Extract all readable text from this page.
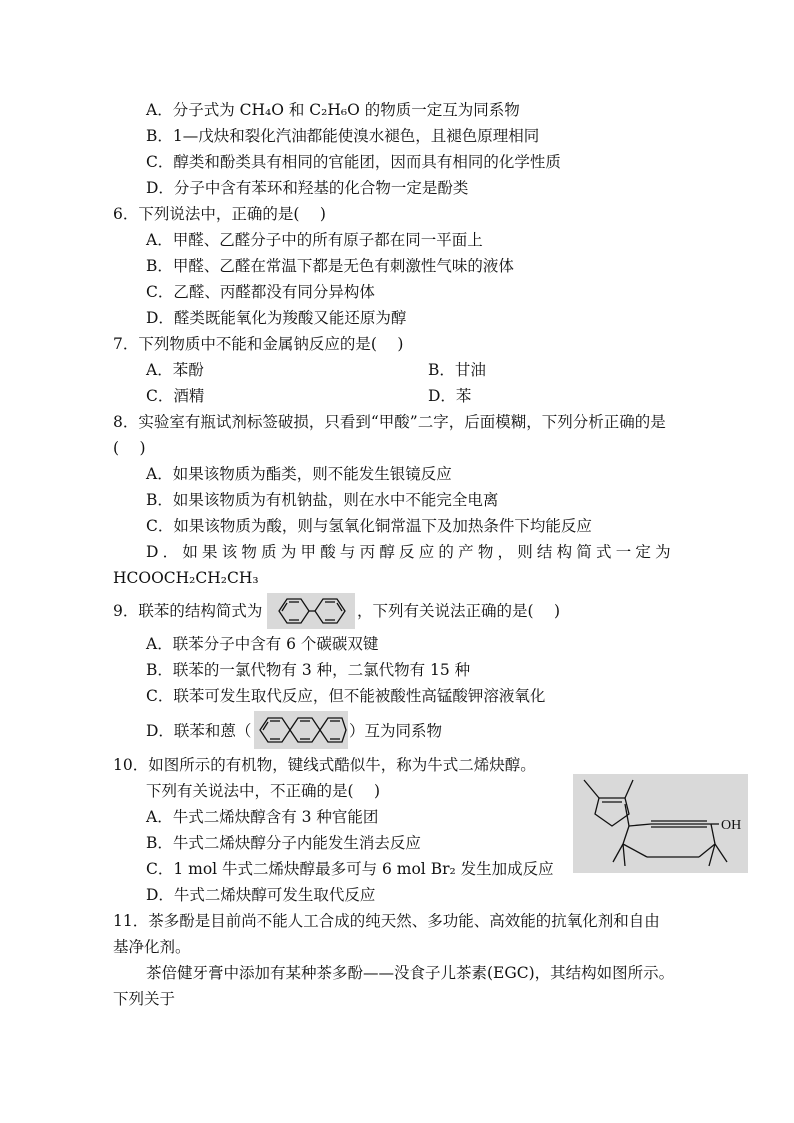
A．分子式为 CH₄O 和 C₂H₆O 的物质一定互为同系物
B．1—戊炔和裂化汽油都能使溴水褪色，且褪色原理相同
C．醇类和酚类具有相同的官能团，因而具有相同的化学性质
D．分子中含有苯环和羟基的化合物一定是酚类
6．下列说法中，正确的是(　 )
A．甲醛、乙醛分子中的所有原子都在同一平面上
B．甲醛、乙醛在常温下都是无色有刺激性气味的液体
C．乙醛、丙醛都没有同分异构体
D．醛类既能氧化为羧酸又能还原为醇
7．下列物质中不能和金属钠反应的是(　 )
A．苯酚	B．甘油
C．酒精	D．苯
8．实验室有瓶试剂标签破损，只看到“甲酸”二字，后面模糊，下列分析正确的是
(　 )
A．如果该物质为酯类，则不能发生银镜反应
B．如果该物质为有机钠盐，则在水中不能完全电离
C．如果该物质为酸，则与氢氧化铜常温下及加热条件下均能反应
D．如果该物质为甲酸与丙醇反应的产物，则结构简式一定为
HCOOCH₂CH₂CH₃
9．联苯的结构简式为	，下列有关说法正确的是(　 )
A．联苯分子中含有 6 个碳碳双键
B．联苯的一氯代物有 3 种，二氯代物有 15 种
C．联苯可发生取代反应，但不能被酸性高锰酸钾溶液氧化
D．联苯和蒽（	）互为同系物
10．如图所示的有机物，键线式酷似牛，称为牛式二烯炔醇。
下列有关说法中，不正确的是(　 )
A．牛式二烯炔醇含有 3 种官能团
B．牛式二烯炔醇分子内能发生消去反应
C．1 mol 牛式二烯炔醇最多可与 6 mol Br₂ 发生加成反应
D．牛式二烯炔醇可发生取代反应
OH
11．茶多酚是目前尚不能人工合成的纯天然、多功能、高效能的抗氧化剂和自由
基净化剂。
茶倍健牙膏中添加有某种茶多酚——没食子儿茶素(EGC)，其结构如图所示。
下列关于
